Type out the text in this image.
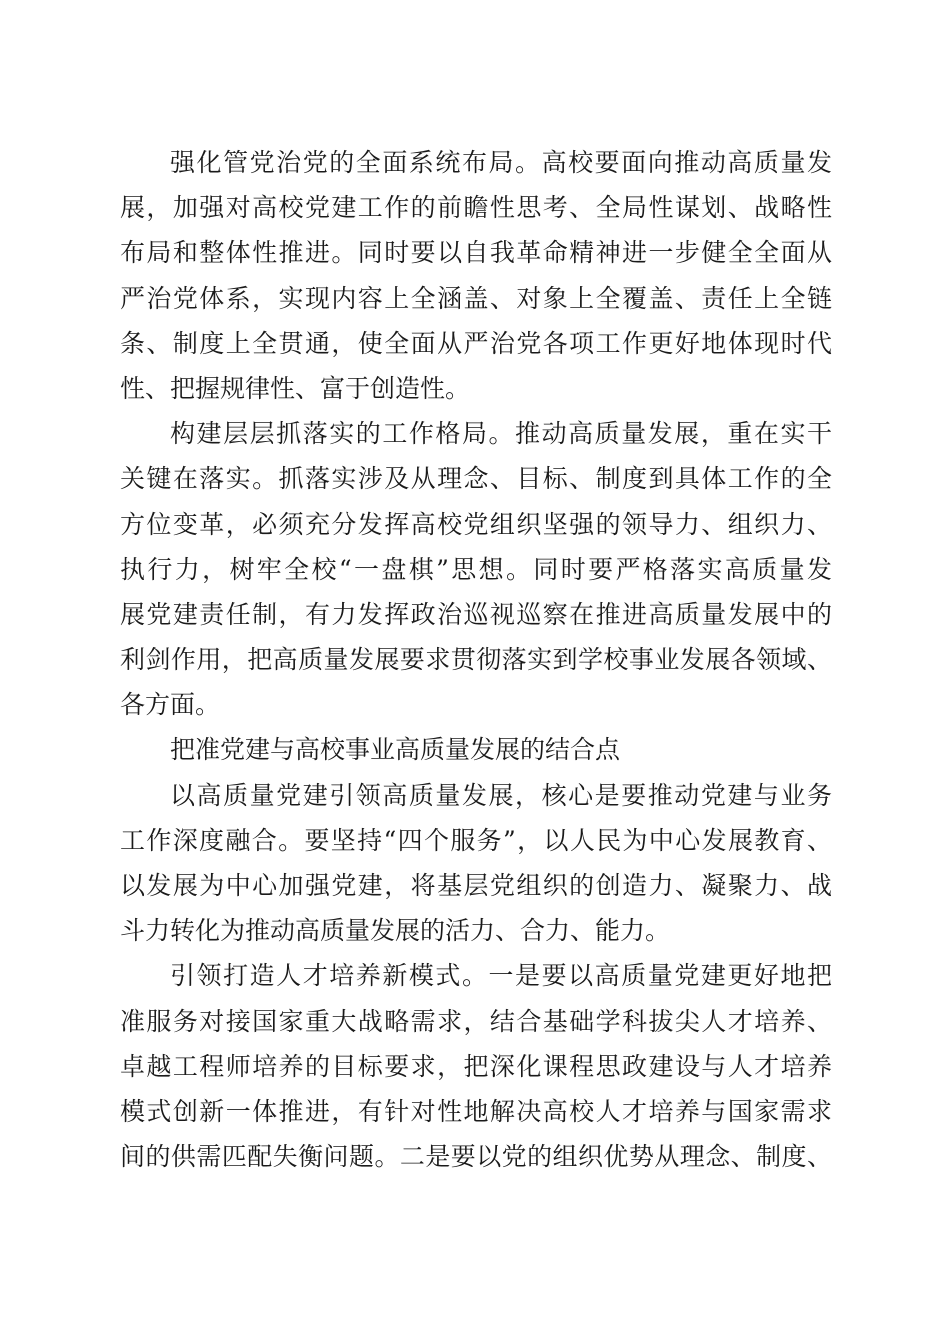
强化管党治党的全面系统布局。高校要面向推动高质量发
展，加强对高校党建工作的前瞻性思考、全局性谋划、战略性
布局和整体性推进。同时要以自我革命精神进一步健全全面从
严治党体系，实现内容上全涵盖、对象上全覆盖、责任上全链
条、制度上全贯通，使全面从严治党各项工作更好地体现时代
性、把握规律性、富于创造性。

构建层层抓落实的工作格局。推动高质量发展，重在实干
关键在落实。抓落实涉及从理念、目标、制度到具体工作的全
方位变革，必须充分发挥高校党组织坚强的领导力、组织力、
执行力，树牢全校“一盘棋”思想。同时要严格落实高质量发
展党建责任制，有力发挥政治巡视巡察在推进高质量发展中的
利剑作用，把高质量发展要求贯彻落实到学校事业发展各领域、
各方面。

把准党建与高校事业高质量发展的结合点

以高质量党建引领高质量发展，核心是要推动党建与业务
工作深度融合。要坚持“四个服务”，以人民为中心发展教育、
以发展为中心加强党建，将基层党组织的创造力、凝聚力、战
斗力转化为推动高质量发展的活力、合力、能力。

引领打造人才培养新模式。一是要以高质量党建更好地把
准服务对接国家重大战略需求，结合基础学科拔尖人才培养、
卓越工程师培养的目标要求，把深化课程思政建设与人才培养
模式创新一体推进，有针对性地解决高校人才培养与国家需求
间的供需匹配失衡问题。二是要以党的组织优势从理念、制度、
